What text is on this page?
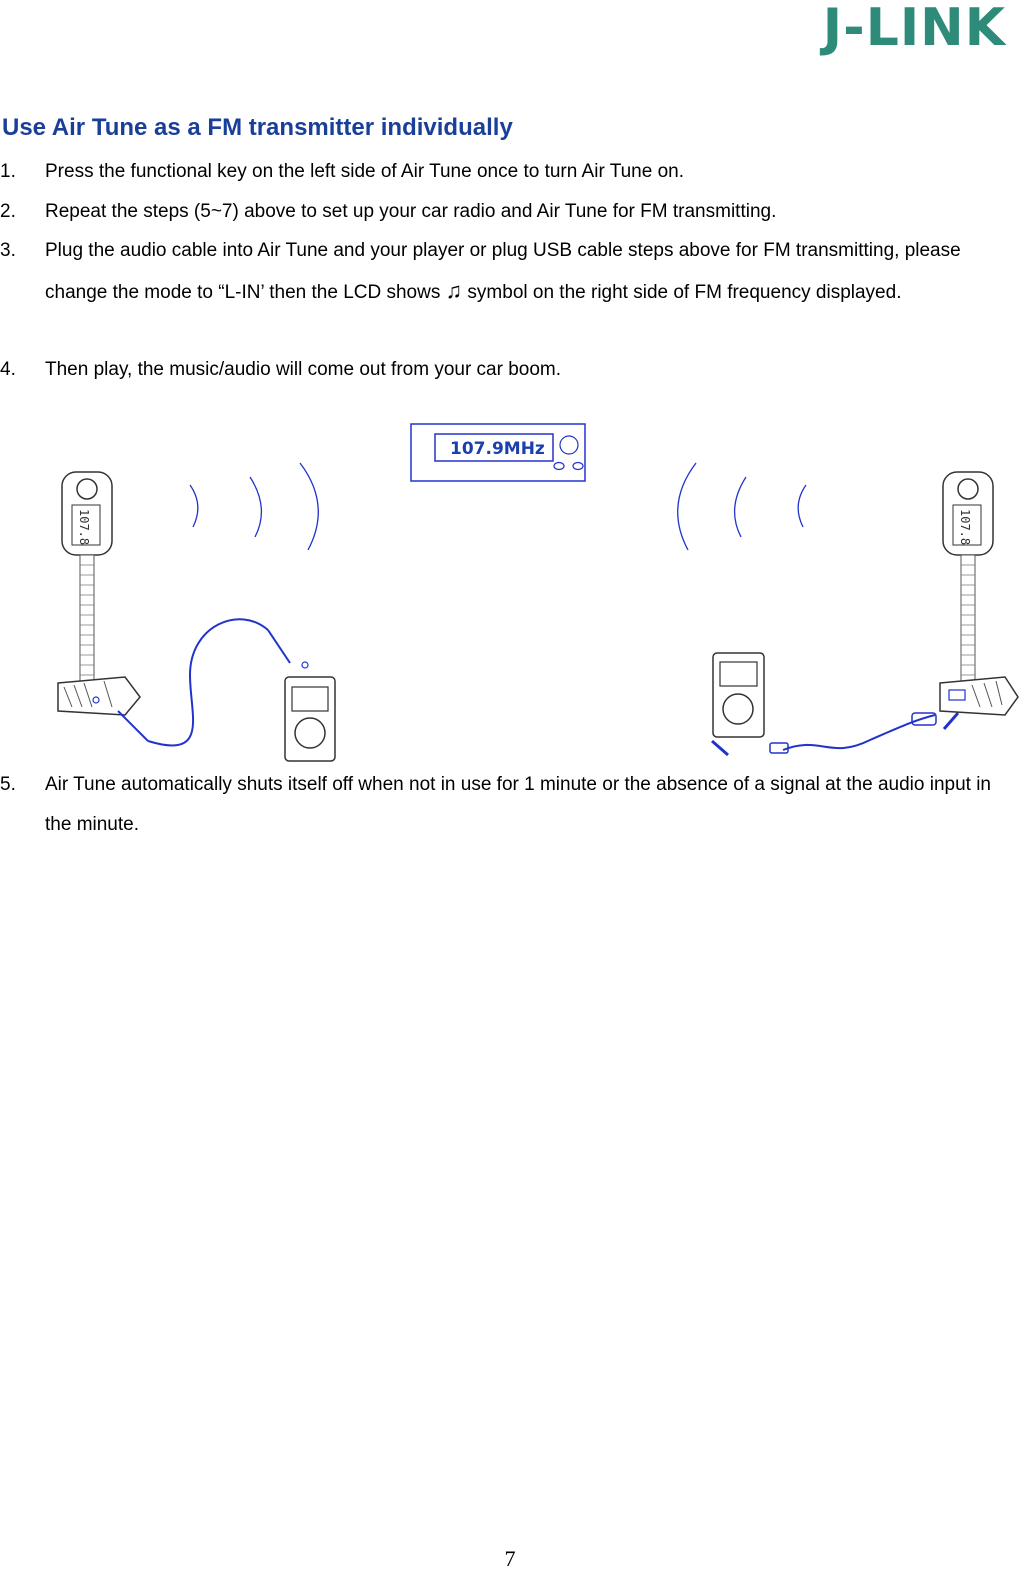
J-LINK
Use Air Tune as a FM transmitter individually
1. Press the functional key on the left side of Air Tune once to turn Air Tune on.
2. Repeat the steps (5~7) above to set up your car radio and Air Tune for FM transmitting.
3. Plug the audio cable into Air Tune and your player or plug USB cable steps above for FM transmitting, please change the mode to “L-IN’ then the LCD shows ♫ symbol on the right side of FM frequency displayed.
4. Then play, the music/audio will come out from your car boom.
107.9MHz
107.8	107.8
5. Air Tune automatically shuts itself off when not in use for 1 minute or the absence of a signal at the audio input in the minute.
7
